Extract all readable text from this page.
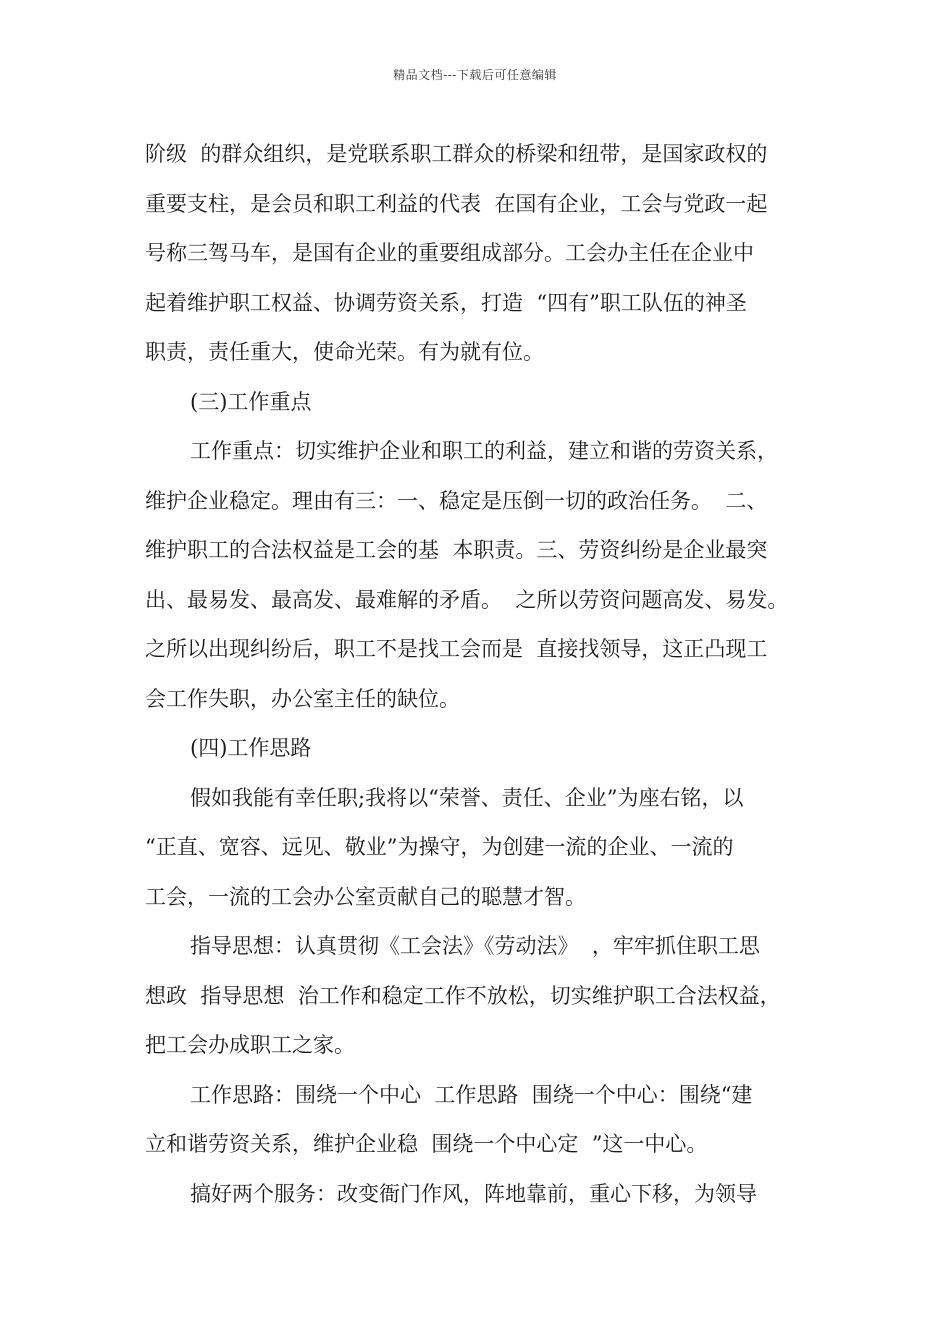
精品文档---下载后可任意编辑
阶级  的群众组织，是党联系职工群众的桥梁和纽带，是国家政权的
重要支柱，是会员和职工利益的代表  在国有企业，工会与党政一起
号称三驾马车，是国有企业的重要组成部分。工会办主任在企业中
起着维护职工权益、协调劳资关系，打造  “四有”职工队伍的神圣
职责，责任重大，使命光荣。有为就有位。
(三)工作重点
工作重点：切实维护企业和职工的利益，建立和谐的劳资关系，
维护企业稳定。理由有三：一、稳定是压倒一切的政治任务。  二、
维护职工的合法权益是工会的基  本职责。三、劳资纠纷是企业最突
出、最易发、最高发、最难解的矛盾。  之所以劳资问题高发、易发。
之所以出现纠纷后，职工不是找工会而是  直接找领导，这正凸现工
会工作失职，办公室主任的缺位。
(四)工作思路
假如我能有幸任职;我将以“荣誉、责任、企业”为座右铭，以
“正直、宽容、远见、敬业”为操守，为创建一流的企业、一流的
工会，一流的工会办公室贡献自己的聪慧才智。
指导思想：认真贯彻《工会法》《劳动法》  ，牢牢抓住职工思
想政  指导思想  治工作和稳定工作不放松，切实维护职工合法权益，
把工会办成职工之家。
工作思路：围绕一个中心  工作思路  围绕一个中心：围绕“建
立和谐劳资关系，维护企业稳  围绕一个中心定  ”这一中心。
搞好两个服务：改变衙门作风，阵地靠前，重心下移，为领导
